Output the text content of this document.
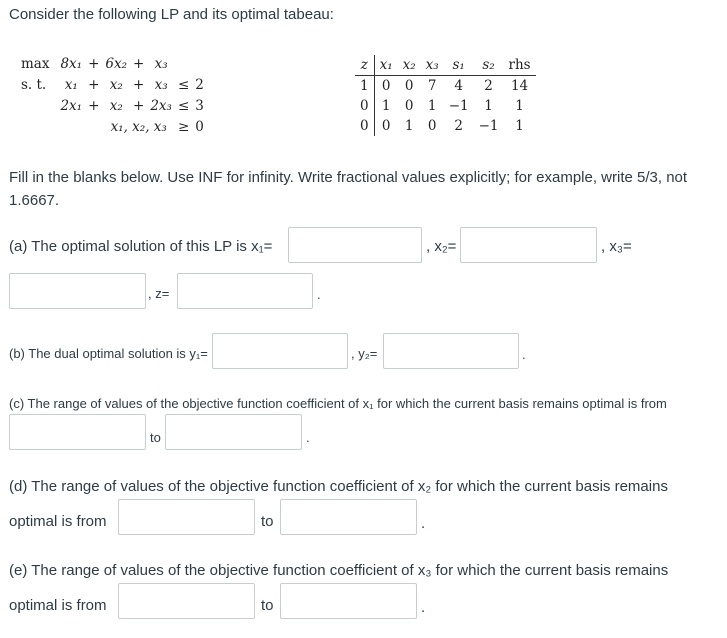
Consider the following LP and its optimal tabeau:
max	8x₁	+	6x₂	+	x₃		
s. t.	x₁	+	x₂	+	x₃	≤	2
	2x₁	+	x₂	+	2x₃	≤	3
			x₁, x₂, x₃			≥	0
z	x₁	x₂	x₃	s₁	s₂	rhs
1	0	0	7	4	2	14
0	1	0	1	−1	1	1
0	0	1	0	2	−1	1
Fill in the blanks below. Use INF for infinity. Write fractional values explicitly; for example, write 5/3, not 1.6667.
(a) The optimal solution of this LP is x₁=	, x₂=	, x₃=
, z=	.
(b) The dual optimal solution is y₁=	, y₂=	.
(c) The range of values of the objective function coefficient of x₁ for which the current basis remains optimal is from
to	.
(d) The range of values of the objective function coefficient of x₂ for which the current basis remains
optimal is from	to	.
(e) The range of values of the objective function coefficient of x₃ for which the current basis remains
optimal is from	to	.
